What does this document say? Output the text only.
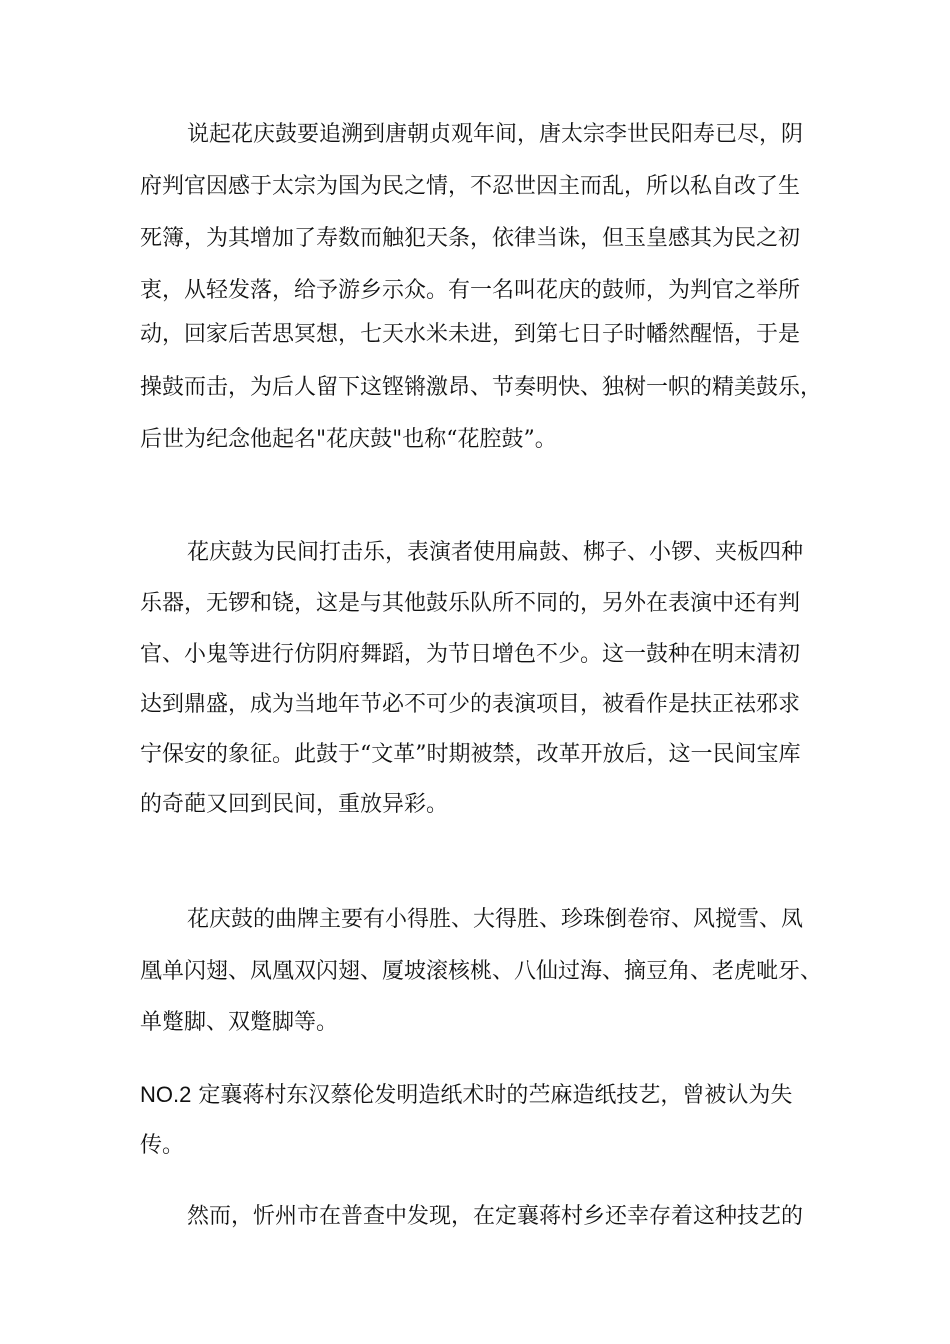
说起花庆鼓要追溯到唐朝贞观年间，唐太宗李世民阳寿已尽，阴
府判官因感于太宗为国为民之情，不忍世因主而乱，所以私自改了生
死簿，为其增加了寿数而触犯天条，依律当诛，但玉皇感其为民之初
衷，从轻发落，给予游乡示众。有一名叫花庆的鼓师，为判官之举所
动，回家后苦思冥想，七天水米未进，到第七日子时幡然醒悟，于是
操鼓而击，为后人留下这铿锵激昂、节奏明快、独树一帜的精美鼓乐，
后世为纪念他起名"花庆鼓"也称“花腔鼓”。
花庆鼓为民间打击乐，表演者使用扁鼓、梆子、小锣、夹板四种
乐器，无锣和铙，这是与其他鼓乐队所不同的，另外在表演中还有判
官、小鬼等进行仿阴府舞蹈，为节日增色不少。这一鼓种在明末清初
达到鼎盛，成为当地年节必不可少的表演项目，被看作是扶正祛邪求
宁保安的象征。此鼓于“文革”时期被禁，改革开放后，这一民间宝库
的奇葩又回到民间，重放异彩。
花庆鼓的曲牌主要有小得胜、大得胜、珍珠倒卷帘、风搅雪、凤
凰单闪翅、凤凰双闪翅、厦坡滚核桃、八仙过海、摘豆角、老虎呲牙、
单蹩脚、双蹩脚等。
NO.2 定襄蒋村东汉蔡伦发明造纸术时的苎麻造纸技艺，曾被认为失
传。
然而，忻州市在普查中发现，在定襄蒋村乡还幸存着这种技艺的
